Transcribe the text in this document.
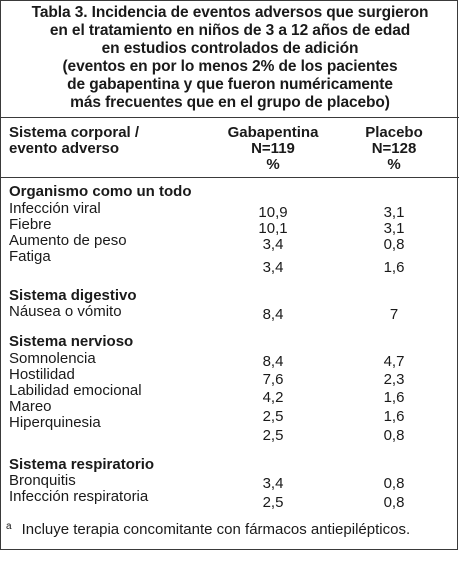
Tabla 3. Incidencia de eventos adversos que surgieron
en el tratamiento en niños de 3 a 12 años de edad
en estudios controlados de adición
(eventos en por lo menos 2% de los pacientes
de gabapentina y que fueron numéricamente
más frecuentes que en el grupo de placebo)
Sistema corporal /
evento adverso
Gabapentina
N=119
%
Placebo
N=128
%
Organismo como un todo
Infección viral
Fiebre
Aumento de peso
Fatiga
10,9
10,1
3,4
3,4
3,1
3,1
0,8
1,6
Sistema digestivo
Náusea o vómito	8,4	7
Sistema nervioso
Somnolencia
Hostilidad
Labilidad emocional
Mareo
Hiperquinesia
8,4
7,6
4,2
2,5
2,5
4,7
2,3
1,6
1,6
0,8
Sistema respiratorio
Bronquitis
Infección respiratoria
3,4
2,5
0,8
0,8
$^a$ Incluye terapia concomitante con fármacos antiepilépticos.
